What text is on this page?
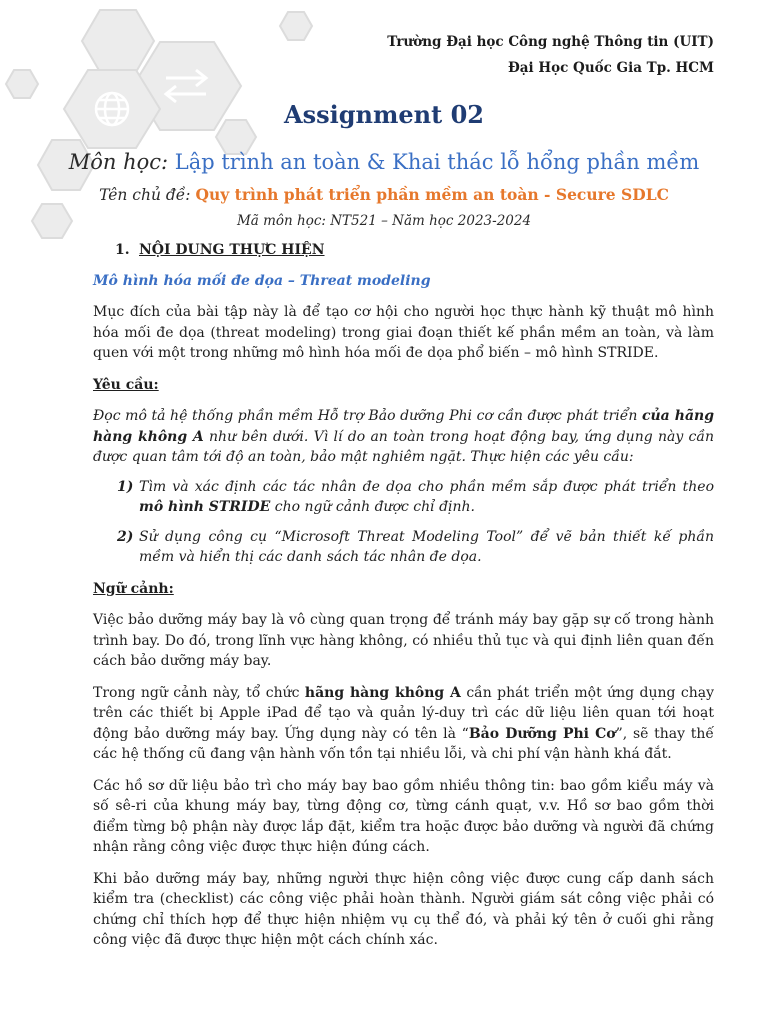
Trường Đại học Công nghệ Thông tin (UIT)
Đại Học Quốc Gia Tp. HCM
Assignment 02
Môn học: Lập trình an toàn & Khai thác lỗ hổng phần mềm
Tên chủ đề: Quy trình phát triển phần mềm an toàn - Secure SDLC
Mã môn học: NT521 – Năm học 2023-2024
1. NỘI DUNG THỰC HIỆN
Mô hình hóa mối đe dọa – Threat modeling

Mục đích của bài tập này là để tạo cơ hội cho người học thực hành kỹ thuật mô hình hóa mối đe dọa (threat modeling) trong giai đoạn thiết kế phần mềm an toàn, và làm quen với một trong những mô hình hóa mối đe dọa phổ biến – mô hình STRIDE.

Yêu cầu:

Đọc mô tả hệ thống phần mềm Hỗ trợ Bảo dưỡng Phi cơ cần được phát triển của hãng hàng không A như bên dưới. Vì lí do an toàn trong hoạt động bay, ứng dụng này cần được quan tâm tới độ an toàn, bảo mật nghiêm ngặt. Thực hiện các yêu cầu:

1) Tìm và xác định các tác nhân đe dọa cho phần mềm sắp được phát triển theo mô hình STRIDE cho ngữ cảnh được chỉ định.
2) Sử dụng công cụ “Microsoft Threat Modeling Tool” để vẽ bản thiết kế phần mềm và hiển thị các danh sách tác nhân đe dọa.
Ngữ cảnh:

Việc bảo dưỡng máy bay là vô cùng quan trọng để tránh máy bay gặp sự cố trong hành trình bay. Do đó, trong lĩnh vực hàng không, có nhiều thủ tục và qui định liên quan đến cách bảo dưỡng máy bay.

Trong ngữ cảnh này, tổ chức hãng hàng không A cần phát triển một ứng dụng chạy trên các thiết bị Apple iPad để tạo và quản lý-duy trì các dữ liệu liên quan tới hoạt động bảo dưỡng máy bay. Ứng dụng này có tên là “Bảo Dưỡng Phi Cơ”, sẽ thay thế các hệ thống cũ đang vận hành vốn tồn tại nhiều lỗi, và chi phí vận hành khá đắt.

Các hồ sơ dữ liệu bảo trì cho máy bay bao gồm nhiều thông tin: bao gồm kiểu máy và số sê-ri của khung máy bay, từng động cơ, từng cánh quạt, v.v. Hồ sơ bao gồm thời điểm từng bộ phận này được lắp đặt, kiểm tra hoặc được bảo dưỡng và người đã chứng nhận rằng công việc được thực hiện đúng cách.

Khi bảo dưỡng máy bay, những người thực hiện công việc được cung cấp danh sách kiểm tra (checklist) các công việc phải hoàn thành. Người giám sát công việc phải có chứng chỉ thích hợp để thực hiện nhiệm vụ cụ thể đó, và phải ký tên ở cuối ghi rằng công việc đã được thực hiện một cách chính xác.
